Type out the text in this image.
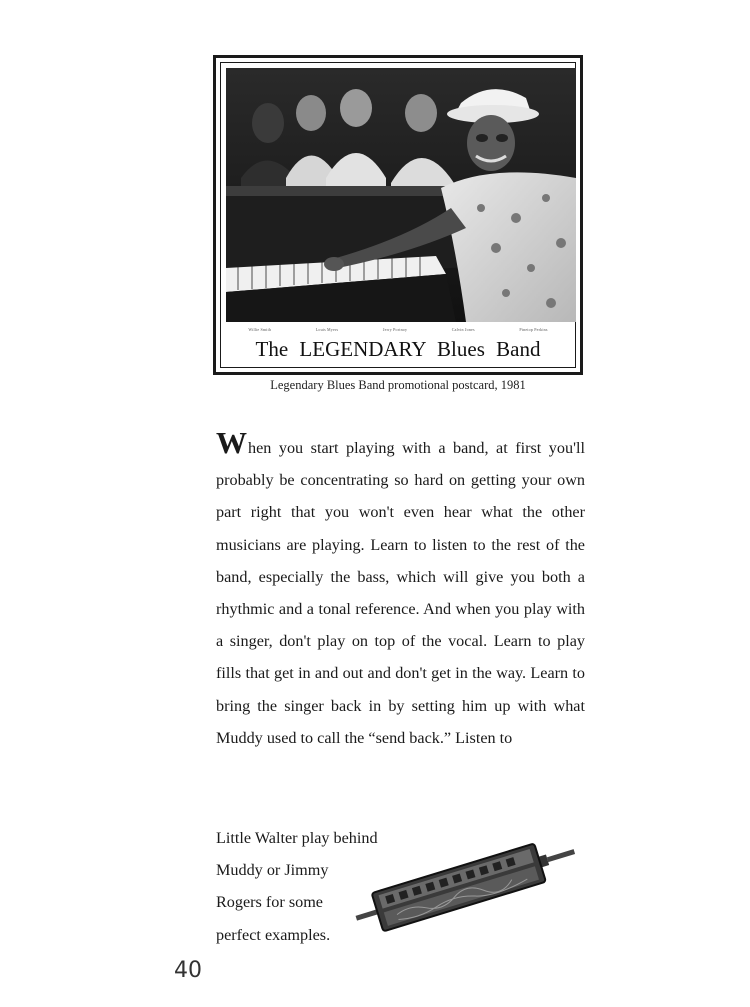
Willie Smith	Louis Myers	Jerry Portnoy	Calvin Jones	Pinetop Perkins
The LEGENDARY Blues Band
Legendary Blues Band promotional postcard, 1981
When you start playing with a band, at first you'll probably be concentrating so hard on getting your own part right that you won't even hear what the other musicians are playing. Learn to listen to the rest of the band, especially the bass, which will give you both a rhythmic and a tonal reference. And when you play with a singer, don't play on top of the vocal. Learn to play fills that get in and out and don't get in the way. Learn to bring the singer back in by setting him up with what Muddy used to call the “send back.” Listen to
Little Walter play behind
Muddy or Jimmy
Rogers for some
perfect examples.
40
